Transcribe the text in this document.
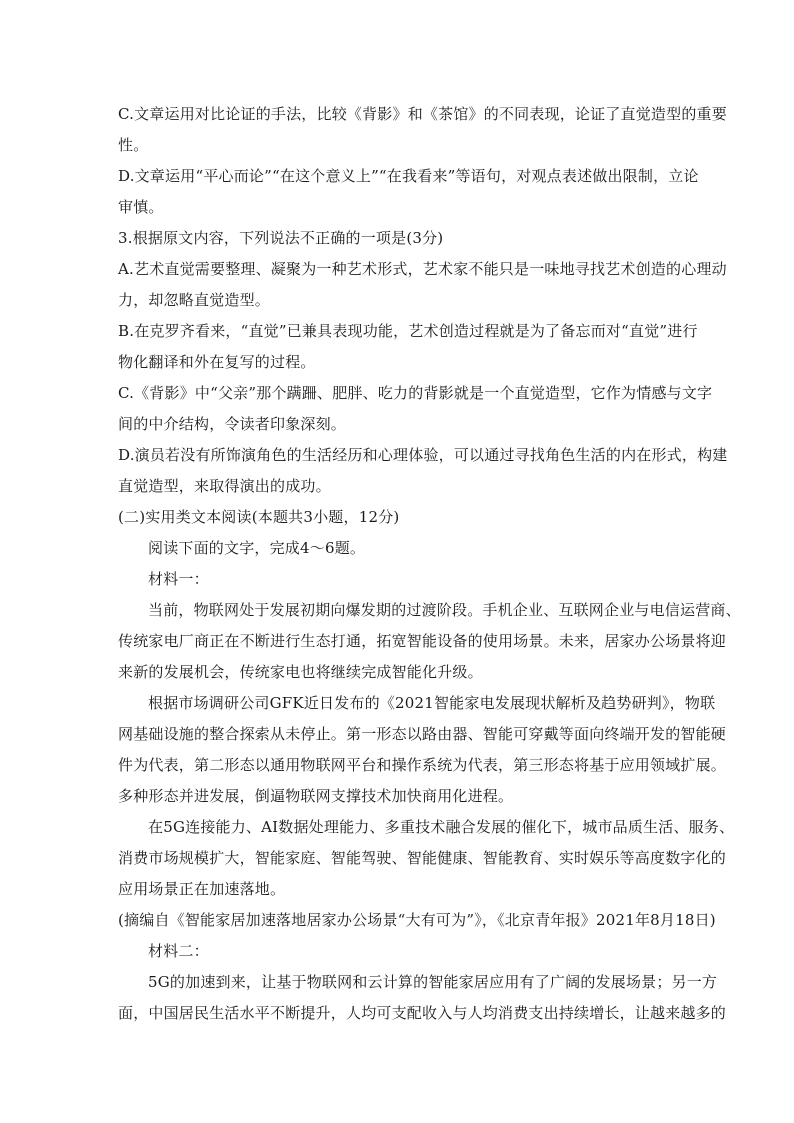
C.文章运用对比论证的手法，比较《背影》和《茶馆》的不同表现，论证了直觉造型的重要
性。
D.文章运用“平心而论”“在这个意义上”“在我看来”等语句，对观点表述做出限制，立论
审慎。
3.根据原文内容，下列说法不正确的一项是(3分)
A.艺术直觉需要整理、凝聚为一种艺术形式，艺术家不能只是一味地寻找艺术创造的心理动
力，却忽略直觉造型。
B.在克罗齐看来，“直觉”已兼具表现功能，艺术创造过程就是为了备忘而对“直觉”进行
物化翻译和外在复写的过程。
C.《背影》中“父亲”那个蹒跚、肥胖、吃力的背影就是一个直觉造型，它作为情感与文字
间的中介结构，令读者印象深刻。
D.演员若没有所饰演角色的生活经历和心理体验，可以通过寻找角色生活的内在形式，构建
直觉造型，来取得演出的成功。
(二)实用类文本阅读(本题共3小题，12分)
阅读下面的文字，完成4～6题。
材料一：
当前，物联网处于发展初期向爆发期的过渡阶段。手机企业、互联网企业与电信运营商、
传统家电厂商正在不断进行生态打通，拓宽智能设备的使用场景。未来，居家办公场景将迎
来新的发展机会，传统家电也将继续完成智能化升级。
根据市场调研公司GFK近日发布的《2021智能家电发展现状解析及趋势研判》，物联
网基础设施的整合探索从未停止。第一形态以路由器、智能可穿戴等面向终端开发的智能硬
件为代表，第二形态以通用物联网平台和操作系统为代表，第三形态将基于应用领域扩展。
多种形态并进发展，倒逼物联网支撑技术加快商用化进程。
在5G连接能力、AI数据处理能力、多重技术融合发展的催化下，城市品质生活、服务、
消费市场规模扩大，智能家庭、智能驾驶、智能健康、智能教育、实时娱乐等高度数字化的
应用场景正在加速落地。
(摘编自《智能家居加速落地居家办公场景“大有可为”》，《北京青年报》2021年8月18日)
材料二：
5G的加速到来，让基于物联网和云计算的智能家居应用有了广阔的发展场景；另一方
面，中国居民生活水平不断提升，人均可支配收入与人均消费支出持续增长，让越来越多的
